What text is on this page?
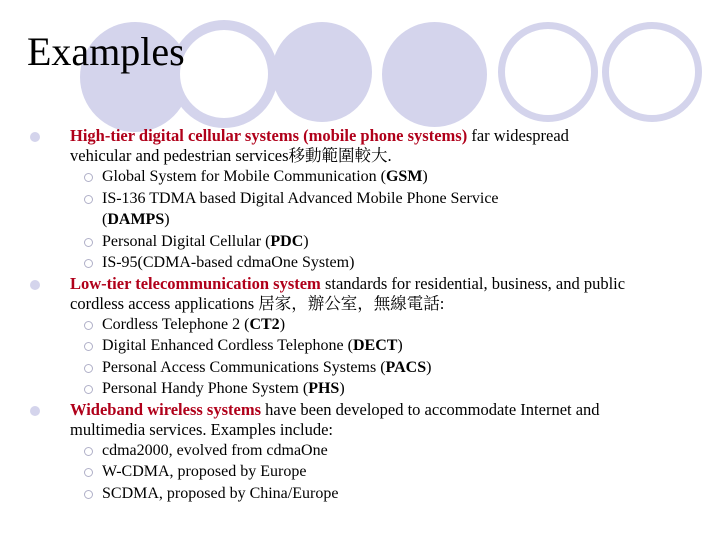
Examples

High‑tier digital cellular systems (mobile phone systems) far widespread
vehicular and pedestrian services移動範圍較大.

Global System for Mobile Communication (GSM)

IS-136 TDMA based Digital Advanced Mobile Phone Service
(DAMPS)

Personal Digital Cellular (PDC)

IS-95(CDMA‑based cdmaOne System)

Low-tier telecommunication system standards for residential, business, and public
cordless access applications 居家，辦公室，無線電話:

Cordless Telephone 2 (CT2)

Digital Enhanced Cordless Telephone (DECT)

Personal Access Communications Systems (PACS)

Personal Handy Phone System (PHS)

Wideband wireless systems have been developed to accommodate Internet and
multimedia services. Examples include:

cdma2000, evolved from cdmaOne

W-CDMA, proposed by Europe

SCDMA, proposed by China/Europe
